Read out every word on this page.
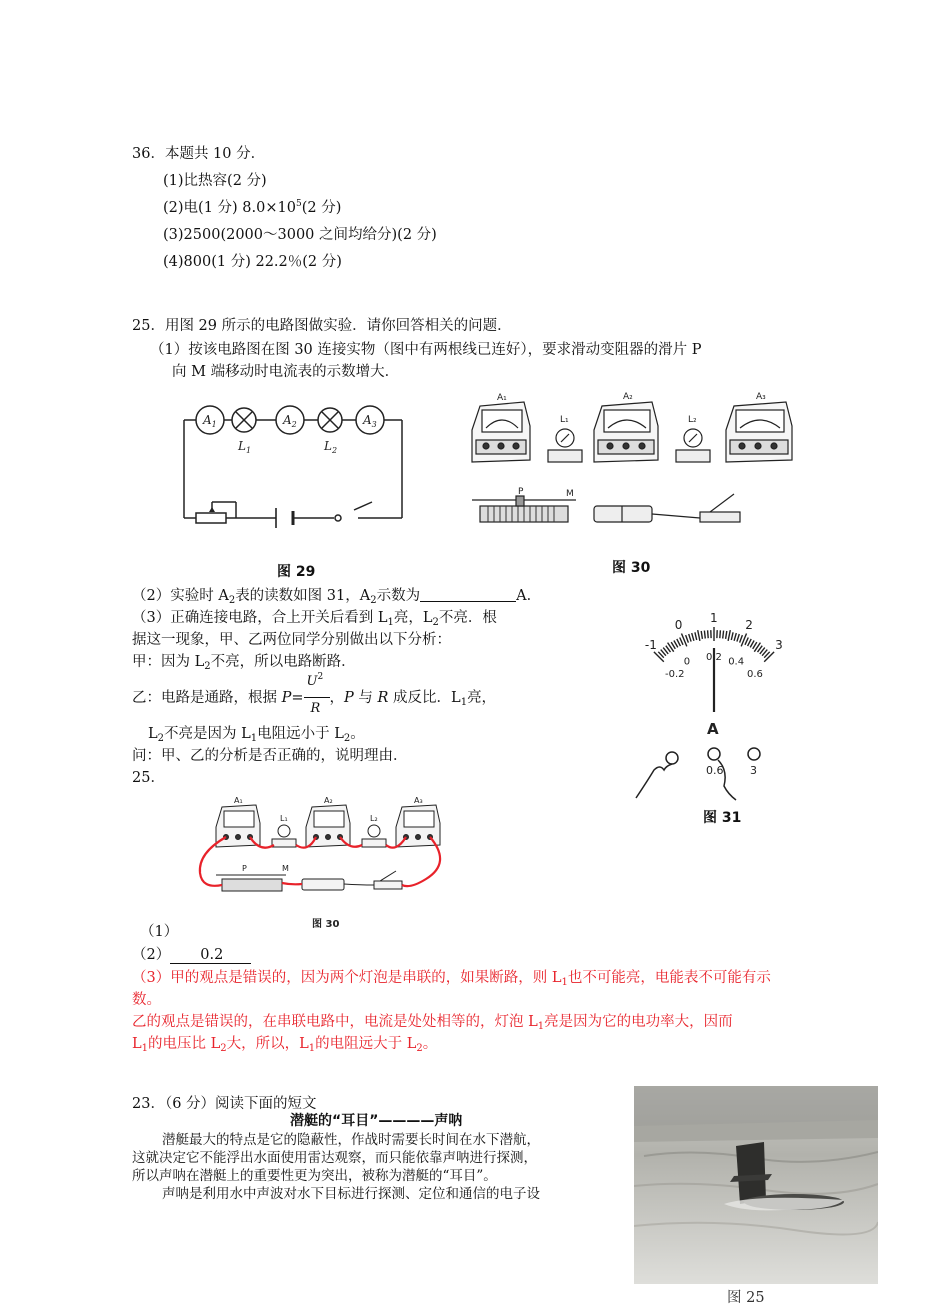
36．本题共 10 分．
(1)比热容(2 分)
(2)电(1 分) $8.0\times 10^5(2$ 分)
(3)2500(2000～3000 之间均给分)(2 分)
(4)800(1 分) 22.2％(2 分)
25．用图 29 所示的电路图做实验．请你回答相关的问题．
（1）按该电路图在图 30 连接实物（图中有两根线已连好），要求滑动变阻器的滑片 P
向 M 端移动时电流表的示数增大．
$A_1$	$A_2$	$A_3$
$L_1$	$L_2$
图 29
A₁	A₂	A₃
L₁	L₂
P	M
图 30
（2）实验时 $A_2$表的读数如图 31，$A_2$示数为	A．
（3）正确连接电路，合上开关后看到 $L_1$亮，$L_2$不亮．根
据这一现象，甲、乙两位同学分别做出以下分析：
甲：因为 $L_2$不亮，所以电路断路．
乙：电路是通路，根据 $P= \frac{U^2}{R}$ ，P 与 R 成反比．$L_1$亮，
$L_2$不亮是因为 $L_1$电阻远小于 $L_2$。
问：甲、乙的分析是否正确的，说明理由．
25．
-1
0 1 2
3
-0.2
0 0.2 0.4
0.6
A
0.6 3
图 31
A₁	A₂	A₃
L₁	L₂
P	M
图 30
（1）
（2） 0.2
（3）甲的观点是错误的，因为两个灯泡是串联的，如果断路，则 $L_1$也不可能亮，电能表不可能有示
数。
乙的观点是错误的，在串联电路中，电流是处处相等的，灯泡 $L_1$亮是因为它的电功率大，因而
$L_1$的电压比 $L_2$大，所以，$L_1$的电阻远大于 $L_2$。
23．（6 分）阅读下面的短文
潜艇的“耳目”————声呐
潜艇最大的特点是它的隐蔽性，作战时需要长时间在水下潜航，
这就决定它不能浮出水面使用雷达观察，而只能依靠声呐进行探测，
所以声呐在潜艇上的重要性更为突出，被称为潜艇的“耳目”。
声呐是利用水中声波对水下目标进行探测、定位和通信的电子设
图 25
